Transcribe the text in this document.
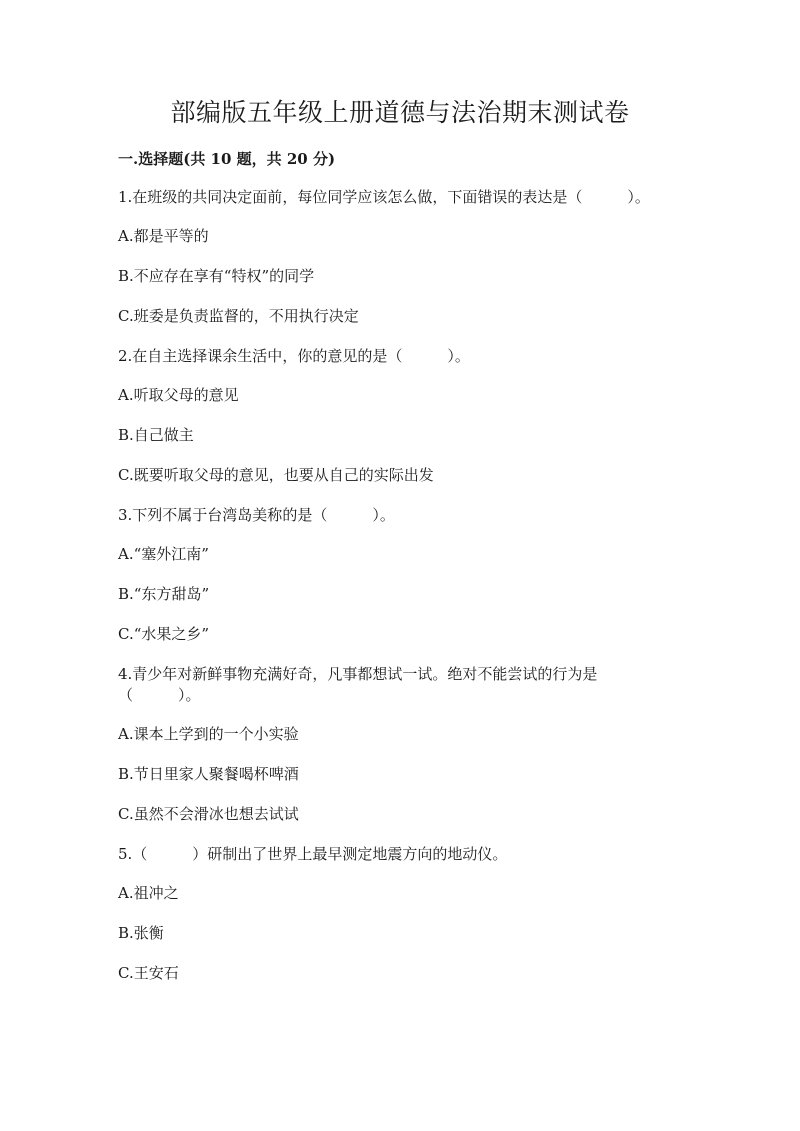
部编版五年级上册道德与法治期末测试卷
一.选择题(共 10 题，共 20 分)

1.在班级的共同决定面前，每位同学应该怎么做，下面错误的表达是（　　　）。

A.都是平等的

B.不应存在享有“特权”的同学

C.班委是负责监督的，不用执行决定

2.在自主选择课余生活中，你的意见的是（　　　）。

A.听取父母的意见

B.自己做主

C.既要听取父母的意见，也要从自己的实际出发

3.下列不属于台湾岛美称的是（　　　）。

A.“塞外江南”

B.“东方甜岛”

C.“水果之乡”

4.青少年对新鲜事物充满好奇，凡事都想试一试。绝对不能尝试的行为是（　　　）。

A.课本上学到的一个小实验

B.节日里家人聚餐喝杯啤酒

C.虽然不会滑冰也想去试试

5.（　　　）研制出了世界上最早测定地震方向的地动仪。

A.祖冲之

B.张衡

C.王安石
